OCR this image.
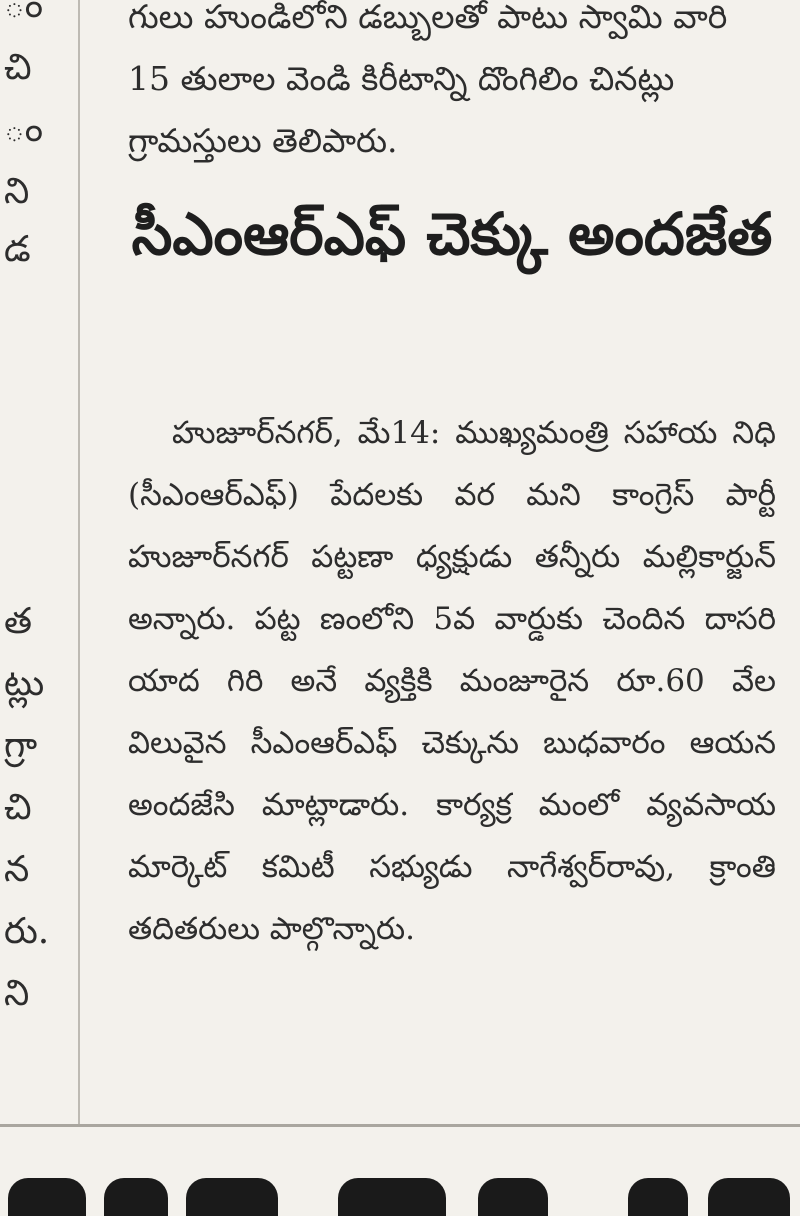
ం
చి
ం
ని
డ
త
ట్లు
గ్రా
చి
న
రు.
ని
గులు హుండిలోని డబ్బులతో పాటు స్వామి వారి 15 తులాల వెండి కిరీటాన్ని దొంగిలిం చినట్లు గ్రామస్తులు తెలిపారు.
సీఎంఆర్‌ఎఫ్ చెక్కు అందజేత
హుజూర్‌నగర్, మే14: ముఖ్యమంత్రి సహాయ నిధి (సీఎంఆర్‌ఎఫ్) పేదలకు వర మని కాంగ్రెస్ పార్టీ హుజూర్‌నగర్ పట్టణా ధ్యక్షుడు తన్నీరు మల్లికార్జున్ అన్నారు. పట్ట ణంలోని 5వ వార్డుకు చెందిన దాసరి యాద గిరి అనే వ్యక్తికి మంజూరైన రూ.60 వేల విలువైన సీఎంఆర్‌ఎఫ్ చెక్కును బుధవారం ఆయన అందజేసి మాట్లాడారు. కార్యక్ర మంలో వ్యవసాయ మార్కెట్ కమిటీ సభ్యుడు నాగేశ్వర్‌రావు, క్రాంతి తదితరులు పాల్గొన్నారు.
